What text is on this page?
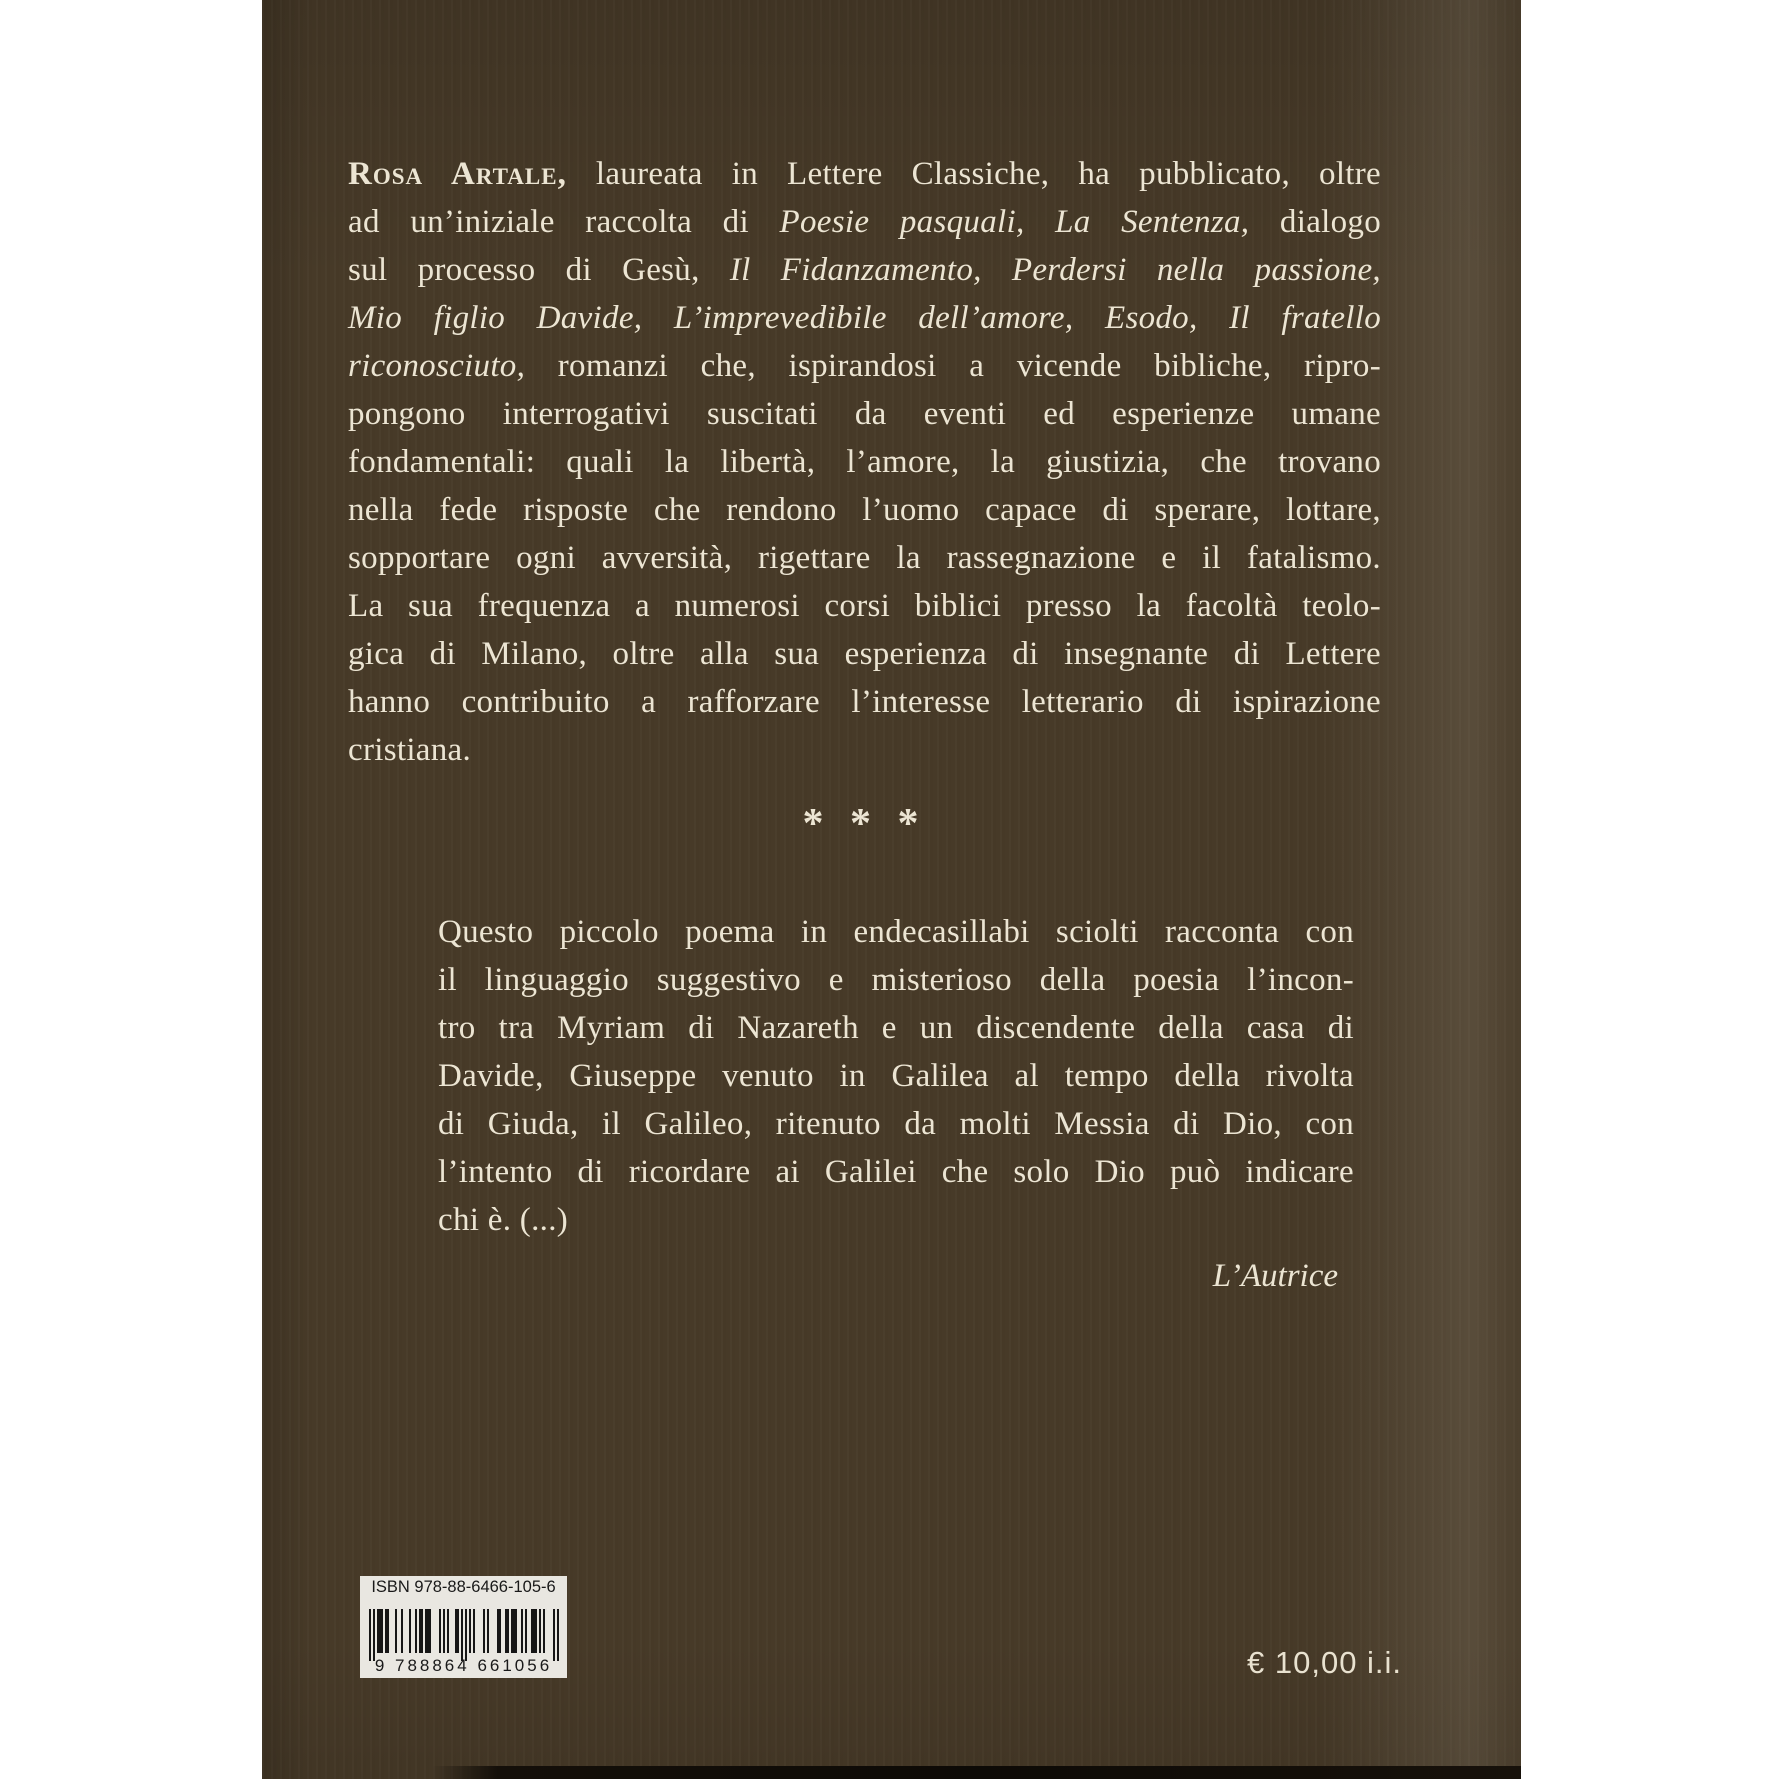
Rosa Artale, laureata in Lettere Classiche, ha pubblicato, oltre
ad un’iniziale raccolta di Poesie pasquali, La Sentenza, dialogo
sul processo di Gesù, Il Fidanzamento, Perdersi nella passione,
Mio figlio Davide, L’imprevedibile dell’amore, Esodo, Il fratello
riconosciuto, romanzi che, ispirandosi a vicende bibliche, ripro-
pongono interrogativi suscitati da eventi ed esperienze umane
fondamentali: quali la libertà, l’amore, la giustizia, che trovano
nella fede risposte che rendono l’uomo capace di sperare, lottare,
sopportare ogni avversità, rigettare la rassegnazione e il fatalismo.
La sua frequenza a numerosi corsi biblici presso la facoltà teolo-
gica di Milano, oltre alla sua esperienza di insegnante di Lettere
hanno contribuito a rafforzare l’interesse letterario di ispirazione
cristiana.
* * *
Questo piccolo poema in endecasillabi sciolti racconta con
il linguaggio suggestivo e misterioso della poesia l’incon-
tro tra Myriam di Nazareth e un discendente della casa di
Davide, Giuseppe venuto in Galilea al tempo della rivolta
di Giuda, il Galileo, ritenuto da molti Messia di Dio, con
l’intento di ricordare ai Galilei che solo Dio può indicare
chi è. (...)
L’Autrice
ISBN 978-88-6466-105-6
9 788864 661056	€ 10,00 i.i.
